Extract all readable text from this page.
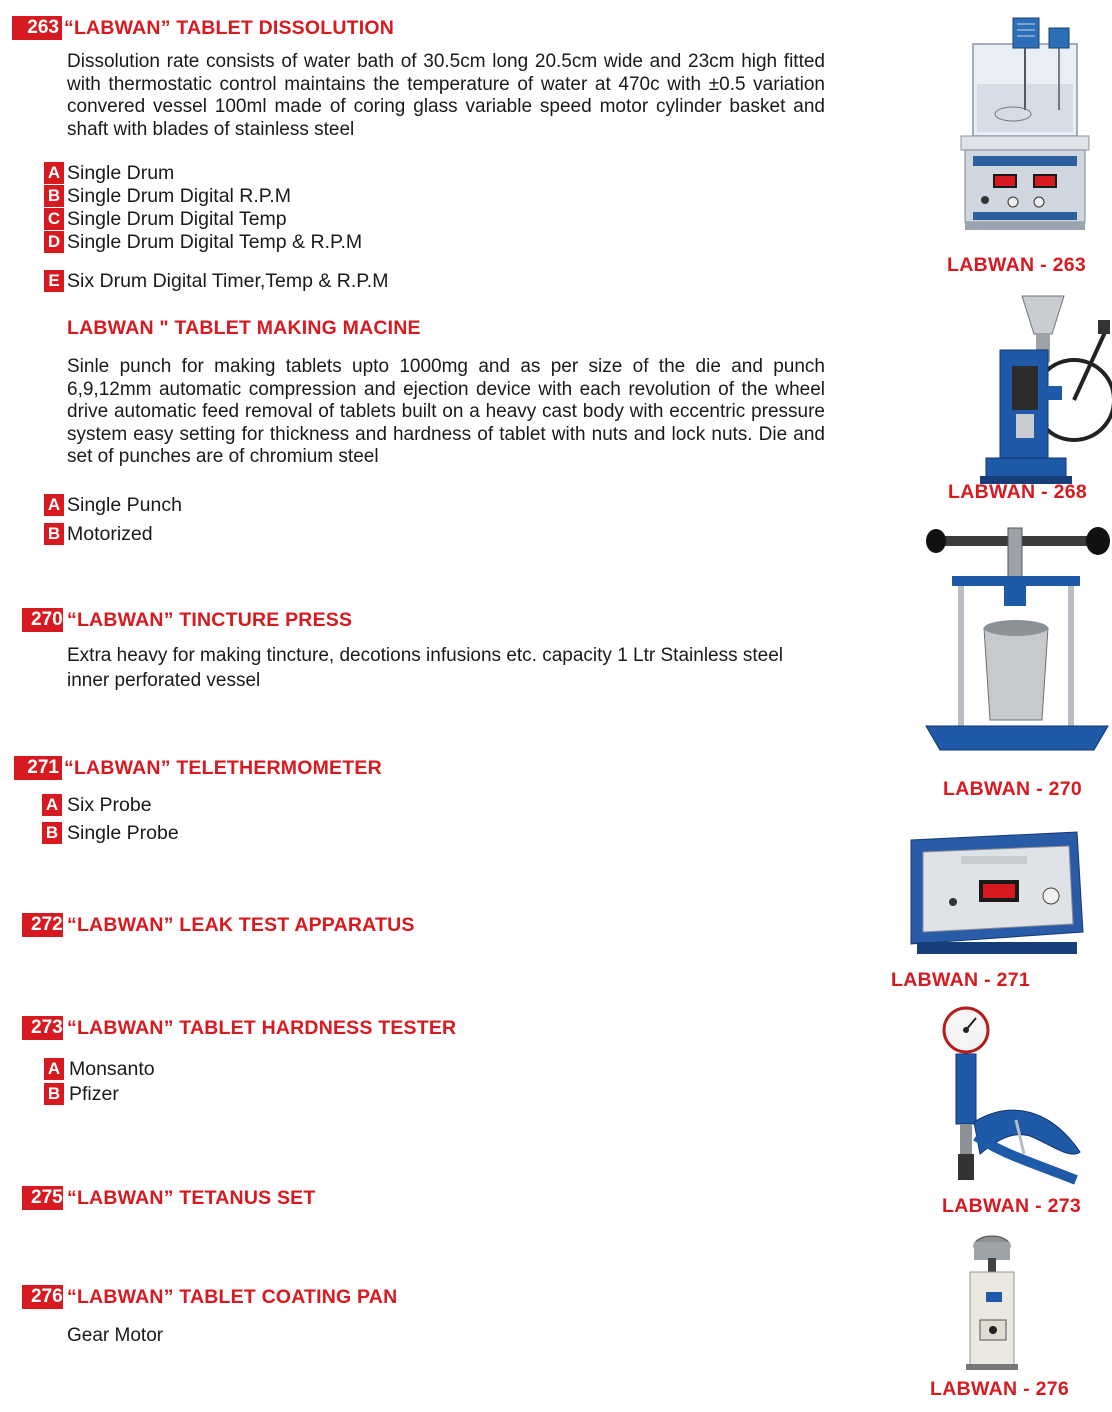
263 “LABWAN” TABLET DISSOLUTION
Dissolution rate consists of water bath of 30.5cm long 20.5cm wide and 23cm high fitted with thermostatic control maintains the temperature of water at 470c with ±0.5 variation convered vessel 100ml made of coring glass variable speed motor cylinder basket and shaft with blades of stainless steel
A Single Drum
B Single Drum Digital R.P.M
C Single Drum Digital Temp
D Single Drum Digital Temp & R.P.M
E Six Drum Digital Timer,Temp & R.P.M
LABWAN " TABLET MAKING MACINE
Sinle punch for making tablets upto 1000mg and as per size of the die and punch 6,9,12mm automatic compression and ejection device with each revolution of the wheel drive automatic feed removal of tablets built on a heavy cast body with eccentric pressure system easy setting for thickness and hardness of tablet with nuts and lock nuts. Die and set of punches are of chromium steel
A Single Punch
B Motorized
270 “LABWAN” TINCTURE PRESS
Extra heavy for making tincture, decotions infusions etc. capacity 1 Ltr Stainless steel inner perforated vessel
271 “LABWAN” TELETHERMOMETER
A Six Probe
B Single Probe
272 “LABWAN” LEAK TEST APPARATUS
273 “LABWAN” TABLET HARDNESS TESTER
A Monsanto
B Pfizer
275 “LABWAN” TETANUS SET
276 “LABWAN” TABLET COATING PAN
Gear Motor
LABWAN - 263
LABWAN - 268
LABWAN - 270
LABWAN - 271
LABWAN - 273
LABWAN - 276
